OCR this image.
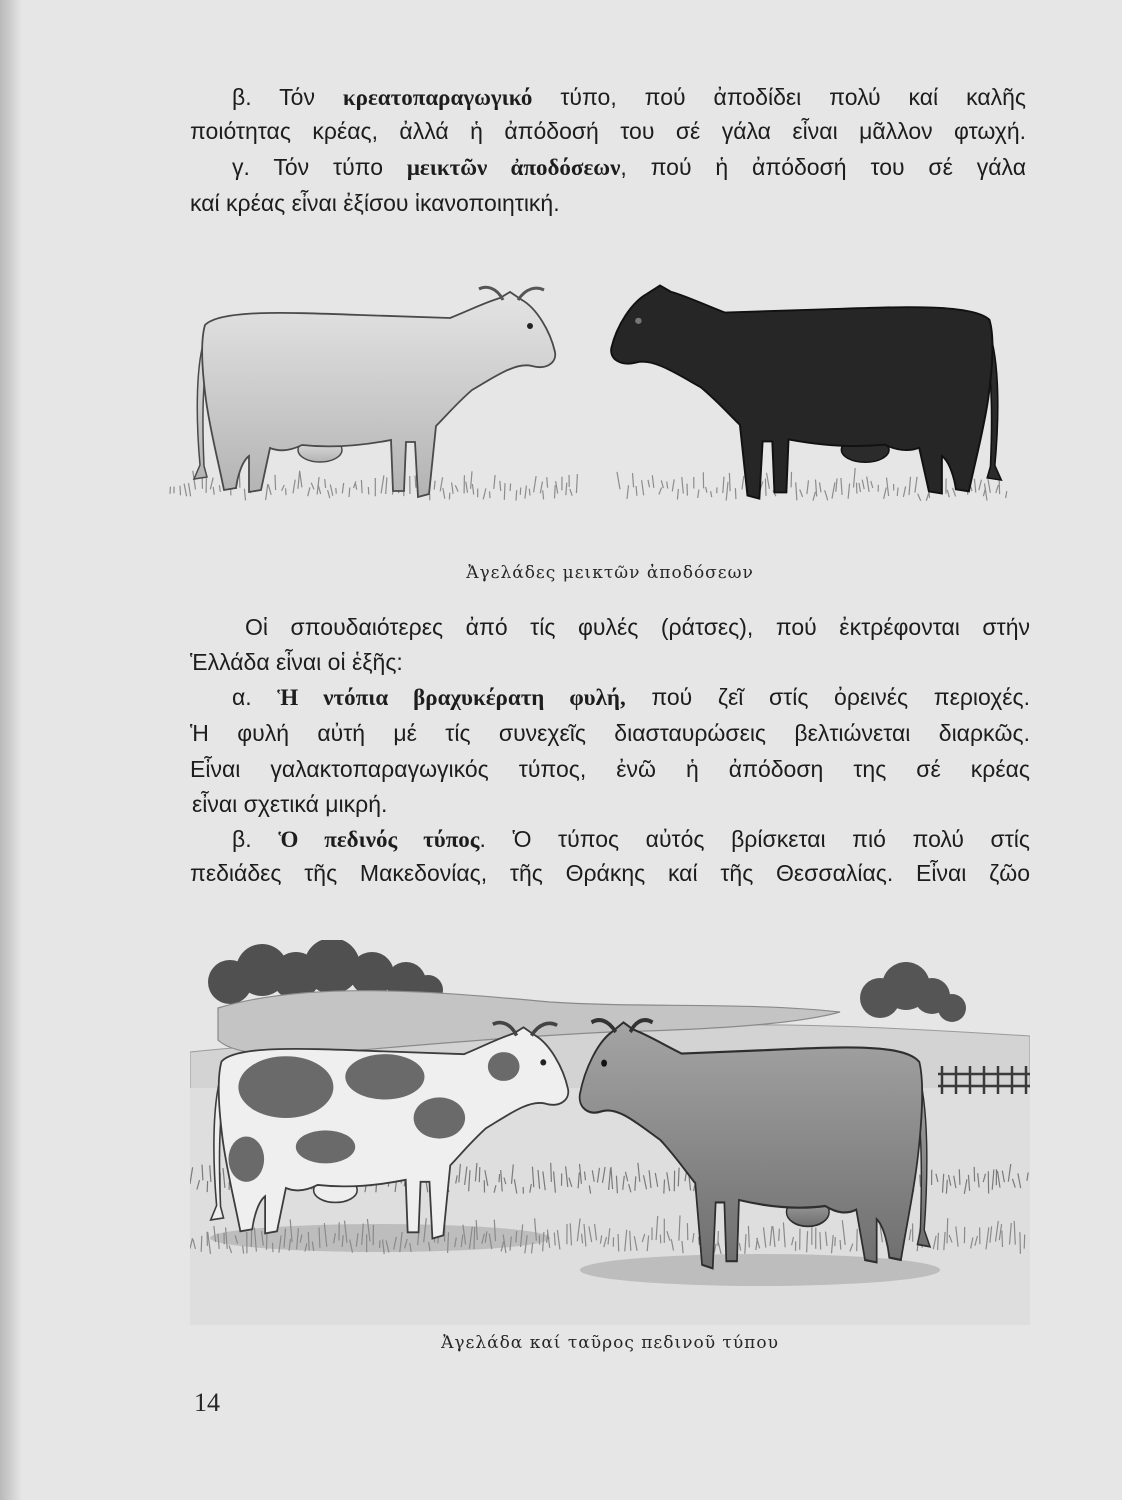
β. Τόν κρεατοπαραγωγικό τύπο, πού ἀποδίδει πολύ καί καλῆς
ποιότητας κρέας, ἀλλά ἡ ἀπόδοσή του σέ γάλα εἶναι μᾶλλον φτωχή.
γ. Τόν τύπο μεικτῶν ἀποδόσεων, πού ἡ ἀπόδοσή του σέ γάλα
καί κρέας εἶναι ἐξίσου ἱκανοποιητική.
Ἀγελάδες μεικτῶν ἀποδόσεων
Οἱ σπουδαιότερες ἀπό τίς φυλές (ράτσες), πού ἐκτρέφονται στήν
Ἑλλάδα εἶναι οἱ ἑξῆς:
α. Ἡ ντόπια βραχυκέρατη φυλή, πού ζεῖ στίς ὀρεινές περιοχές.
Ἡ φυλή αὐτή μέ τίς συνεχεῖς διασταυρώσεις βελτιώνεται διαρκῶς.
Εἶναι γαλακτοπαραγωγικός τύπος, ἐνῶ ἡ ἀπόδοση της σέ κρέας
εἶναι σχετικά μικρή.
β. Ὁ πεδινός τύπος. Ὁ τύπος αὐτός βρίσκεται πιό πολύ στίς
πεδιάδες τῆς Μακεδονίας, τῆς Θράκης καί τῆς Θεσσαλίας. Εἶναι ζῶο
Ἀγελάδα καί ταῦρος πεδινοῦ τύπου
14
